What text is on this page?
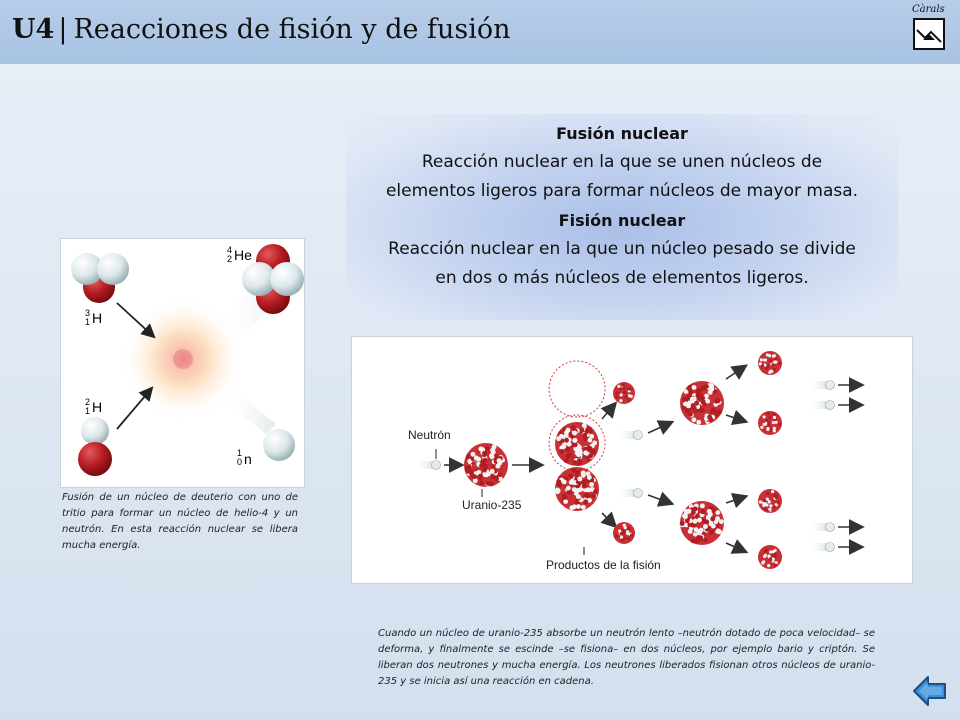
U4 | Reacciones de fisión y de fusión
Càrals
Fusión nuclear
Reacción nuclear en la que se unen núcleos de
elementos ligeros para formar núcleos de mayor masa.
Fisión nuclear
Reacción nuclear en la que un núcleo pesado se divide
en dos o más núcleos de elementos ligeros.
4
2 He
3
1 H
2
1 H
1
0 n
Fusión de un núcleo de deuterio con uno de tritio para formar un núcleo de helio-4 y un neutrón. En esta reacción nuclear se libera mucha energía.
Neutrón
Uranio-235
Productos de la fisión
Cuando un núcleo de uranio-235 absorbe un neutrón lento –neutrón dotado de poca velocidad– se deforma, y finalmente se escinde –se fisiona– en dos núcleos, por ejemplo bario y criptón. Se liberan dos neutrones y mucha energía. Los neutrones liberados fisionan otros núcleos de uranio-235 y se inicia así una reacción en cadena.
